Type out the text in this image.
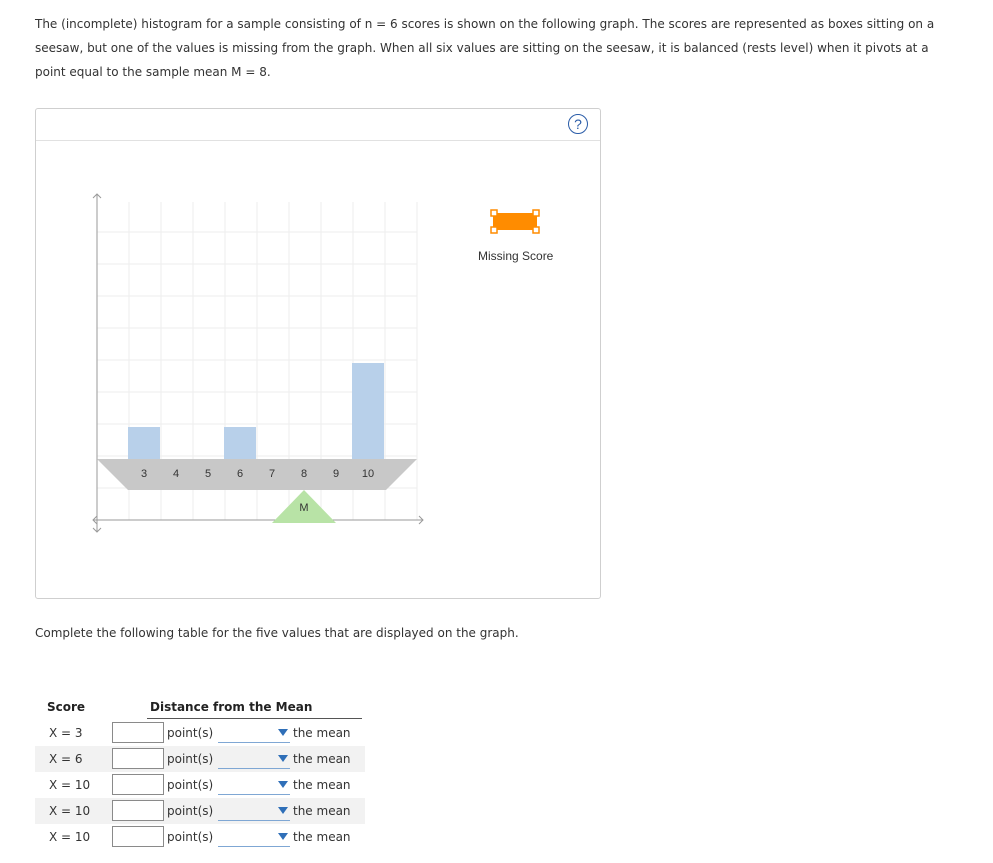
The (incomplete) histogram for a sample consisting of n = 6 scores is shown on the following graph. The scores are represented as boxes sitting on a
seesaw, but one of the values is missing from the graph. When all six values are sitting on the seesaw, it is balanced (rests level) when it pivots at a
point equal to the sample mean M = 8.
?
3 4 5 6 7 8 9 10
M
Missing Score
Complete the following table for the five values that are displayed on the graph.
Score	Distance from the Mean
X = 3	point(s)	the mean
X = 6	point(s)	the mean
X = 10	point(s)	the mean
X = 10	point(s)	the mean
X = 10	point(s)	the mean
